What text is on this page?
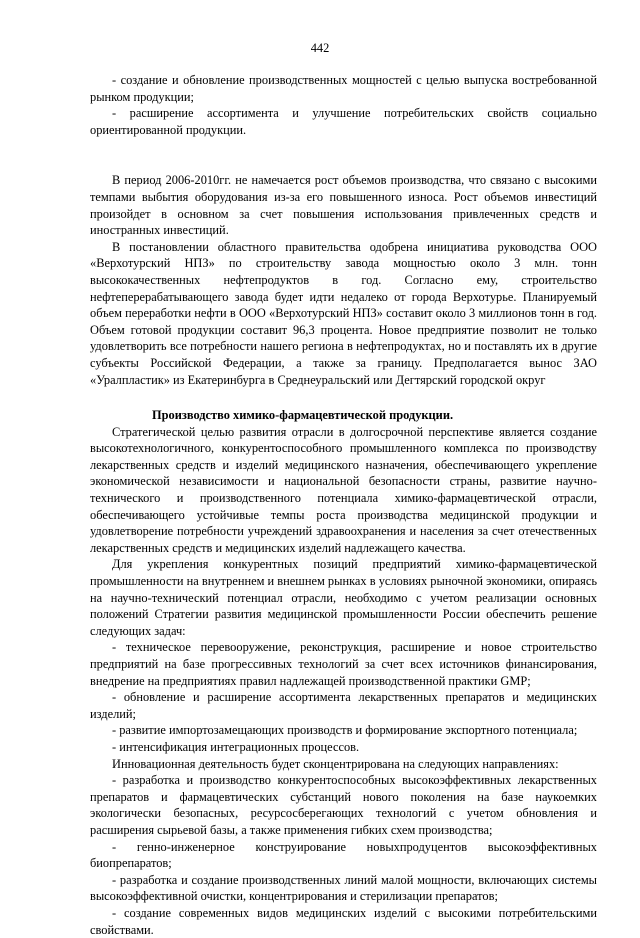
442

- создание и обновление производственных мощностей с целью выпуска востребованной рынком продукции;

- расширение ассортимента и улучшение потребительских свойств социально ориентированной продукции.

В период 2006-2010гг. не намечается рост объемов производства, что связано с высокими темпами выбытия оборудования из-за его повышенного износа. Рост объемов инвестиций произойдет в основном за счет повышения использования привлеченных средств и иностранных инвестиций.

В постановлении областного правительства одобрена инициатива руководства ООО «Верхотурский НПЗ» по строительству завода мощностью около 3 млн. тонн высококачественных нефтепродуктов в год. Согласно ему, строительство нефтеперерабатывающего завода будет идти недалеко от города Верхотурье. Планируемый объем переработки нефти в ООО «Верхотурский НПЗ» составит около 3 миллионов тонн в год. Объем готовой продукции составит 96,3 процента. Новое предприятие позволит не только удовлетворить все потребности нашего региона в нефтепродуктах, но и поставлять их в другие субъекты Российской Федерации, а также за границу. Предполагается вынос ЗАО «Уралпластик» из Екатеринбурга в Среднеуральский или Дегтярский городской округ

Производство химико-фармацевтической продукции.

Стратегической целью развития отрасли в долгосрочной перспективе является создание высокотехнологичного, конкурентоспособного промышленного комплекса по производству лекарственных средств и изделий медицинского назначения, обеспечивающего укрепление экономической независимости и национальной безопасности страны, развитие научно-технического и производственного потенциала химико-фармацевтической отрасли, обеспечивающего устойчивые темпы роста производства медицинской продукции и удовлетворение потребности учреждений здравоохранения и населения за счет отечественных лекарственных средств и медицинских изделий надлежащего качества.

Для укрепления конкурентных позиций предприятий химико-фармацевтической промышленности на внутреннем и внешнем рынках в условиях рыночной экономики, опираясь на научно-технический потенциал отрасли, необходимо с учетом реализации основных положений Стратегии развития медицинской промышленности России обеспечить решение следующих задач:

- техническое перевооружение, реконструкция, расширение и новое строительство предприятий на базе прогрессивных технологий за счет всех источников финансирования, внедрение на предприятиях правил надлежащей производственной практики GMP;

- обновление и расширение ассортимента лекарственных препаратов и медицинских изделий;

- развитие импортозамещающих производств и формирование экспортного потенциала;

- интенсификация интеграционных процессов.

Инновационная деятельность будет сконцентрирована на следующих направлениях:

- разработка и производство конкурентоспособных высокоэффективных лекарственных препаратов и фармацевтических субстанций нового поколения на базе наукоемких экологически безопасных, ресурсосберегающих технологий с учетом обновления и расширения сырьевой базы, а также применения гибких схем производства;

- генно-инженерное конструирование новыхпродуцентов высокоэффективных биопрепаратов;

- разработка и создание производственных линий малой мощности, включающих системы высокоэффективной очистки, концентрирования и стерилизации препаратов;

- создание современных видов медицинских изделий с высокими потребительскими свойствами.
